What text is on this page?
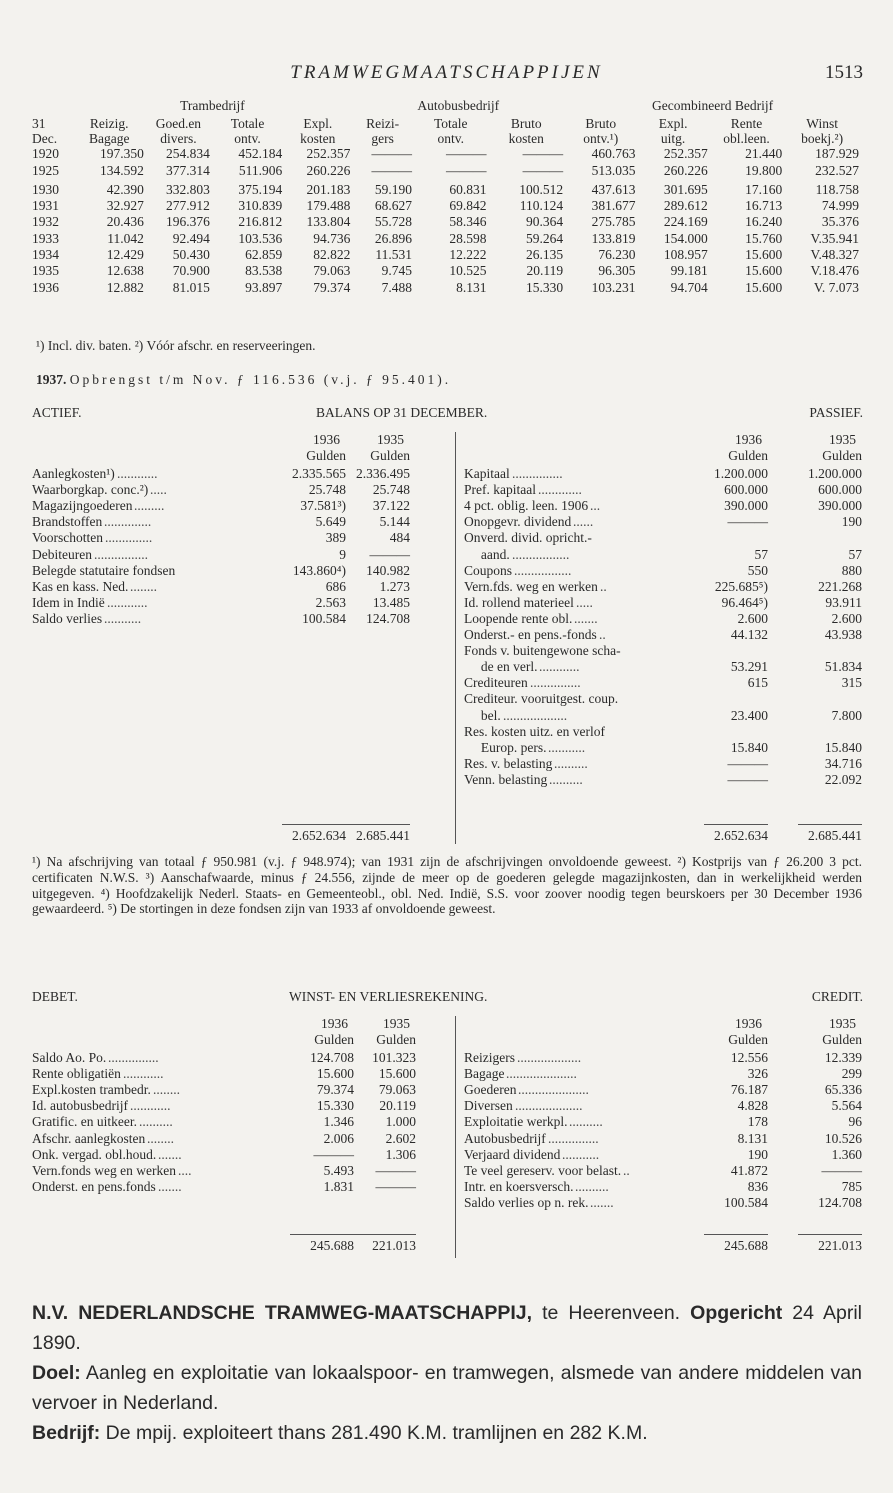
TRAMWEGMAATSCHAPPIJEN	1513
	Trambedrijf				Autobusbedrijf			Gecombineerd Bedrijf			
31	Reizig.	Goed.en	Totale	Expl.	Reizi-	Totale	Bruto	Bruto	Expl.	Rente	Winst
Dec.	Bagage	divers.	ontv.	kosten	gers	ontv.	kosten	ontv.¹)	uitg.	obl.leen.	boekj.²)
1920	197.350	254.834	452.184	252.357	———	———	———	460.763	252.357	21.440	187.929
1925	134.592	377.314	511.906	260.226	———	———	———	513.035	260.226	19.800	232.527
1930	42.390	332.803	375.194	201.183	59.190	60.831	100.512	437.613	301.695	17.160	118.758
1931	32.927	277.912	310.839	179.488	68.627	69.842	110.124	381.677	289.612	16.713	74.999
1932	20.436	196.376	216.812	133.804	55.728	58.346	90.364	275.785	224.169	16.240	35.376
1933	11.042	92.494	103.536	94.736	26.896	28.598	59.264	133.819	154.000	15.760	V.35.941
1934	12.429	50.430	62.859	82.822	11.531	12.222	26.135	76.230	108.957	15.600	V.48.327
1935	12.638	70.900	83.538	79.063	9.745	10.525	20.119	96.305	99.181	15.600	V.18.476
1936	12.882	81.015	93.897	79.374	7.488	8.131	15.330	103.231	94.704	15.600	V. 7.073
¹) Incl. div. baten. ²) Vóór afschr. en reserveeringen.
1937. Opbrengst t/m Nov. ƒ 116.536 (v.j. ƒ 95.401).
ACTIEF.	BALANS OP 31 DECEMBER.	PASSIEF.
1936	1935
Gulden Gulden
Aanlegkosten¹) ............	2.335.565 2.336.495
Waarborgkap. conc.²) .....	25.748 25.748
Magazijngoederen .........	37.581³) 37.122
Brandstoffen ..............	5.649 5.144
Voorschotten ..............	389	484
Debiteuren ................	9 ———
Belegde statutaire fondsen	143.860⁴) 140.982
Kas en kass. Ned. ........	686 1.273
Idem in Indië ............	2.563 13.485
Saldo verlies ...........	100.584 124.708
2.652.634 2.685.441
1936	1935
Gulden	Gulden
Kapitaal ...............	1.200.000	1.200.000
Pref. kapitaal .............	600.000	600.000
4 pct. oblig. leen. 1906 ...	390.000	390.000
Onopgevr. dividend ......	———	190
Onverd. divid. opricht.-
aand. .................	57	57
Coupons .................	550	880
Vern.fds. weg en werken ..	225.685⁵)	221.268
Id. rollend materieel .....	96.464⁵)	93.911
Loopende rente obl. .......	2.600	2.600
Onderst.- en pens.-fonds ..	44.132	43.938
Fonds v. buitengewone scha-
de en verl. ............	53.291	51.834
Crediteuren ...............	615	315
Crediteur. vooruitgest. coup.
bel. ...................	23.400	7.800
Res. kosten uitz. en verlof
Europ. pers. ...........	15.840	15.840
Res. v. belasting ..........	———	34.716
Venn. belasting ..........	———	22.092
2.652.634	2.685.441
¹) Na afschrijving van totaal ƒ 950.981 (v.j. ƒ 948.974); van 1931 zijn de afschrijvingen onvoldoende geweest. ²) Kostprijs van ƒ 26.200 3 pct. certificaten N.W.S. ³) Aanschafwaarde, minus ƒ 24.556, zijnde de meer op de goederen gelegde magazijnkosten, dan in werkelijkheid werden uitgegeven. ⁴) Hoofdzakelijk Nederl. Staats- en Gemeenteobl., obl. Ned. Indië, S.S. voor zoover noodig tegen beurskoers per 30 December 1936 gewaardeerd. ⁵) De stortingen in deze fondsen zijn van 1933 af onvoldoende geweest.
DEBET.	WINST- EN VERLIESREKENING.	CREDIT.
1936	1935
Gulden Gulden
Saldo Ao. Po. ...............	124.708 101.323
Rente obligatiën ............	15.600 15.600
Expl.kosten trambedr. ........	79.374 79.063
Id. autobusbedrijf ............	15.330 20.119
Gratific. en uitkeer. ..........	1.346 1.000
Afschr. aanlegkosten ........	2.006 2.602
Onk. vergad. obl.houd. .......	——— 1.306
Vern.fonds weg en werken ....	5.493 ———
Onderst. en pens.fonds .......	1.831 ———
245.688 221.013
1936	1935
Gulden	Gulden
Reizigers ...................	12.556	12.339
Bagage .....................	326	299
Goederen .....................	76.187	65.336
Diversen ....................	4.828	5.564
Exploitatie werkpl. ..........	178	96
Autobusbedrijf ...............	8.131	10.526
Verjaard dividend ...........	190	1.360
Te veel gereserv. voor belast. ..	41.872	———
Intr. en koersversch. ..........	836	785
Saldo verlies op n. rek. .......	100.584	124.708
245.688	221.013
N.V. NEDERLANDSCHE TRAMWEG-MAATSCHAPPIJ, te Heerenveen. Opgericht 24 April 1890.
Doel: Aanleg en exploitatie van lokaalspoor- en tramwegen, alsmede van andere middelen van vervoer in Nederland.
Bedrijf: De mpij. exploiteert thans 281.490 K.M. tramlijnen en 282 K.M.
